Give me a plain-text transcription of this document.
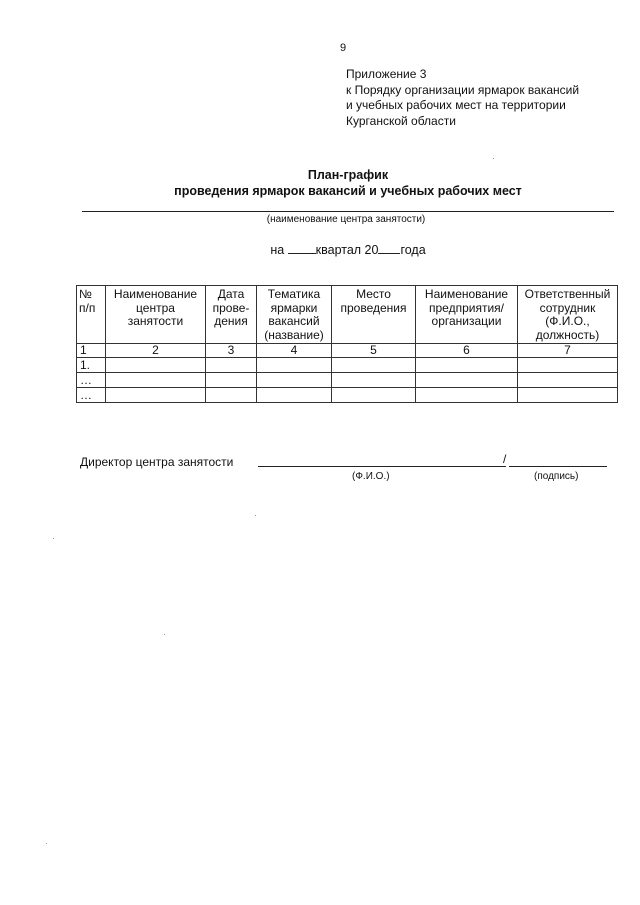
9
Приложение 3
к Порядку организации ярмарок вакансий
и учебных рабочих мест на территории
Курганской области
План-график
проведения ярмарок вакансий и учебных рабочих мест
(наименование центра занятости)
на	квартал 20 года
№ п/п	Наименование центра занятости	Дата прове-дения	Тематика ярмарки вакансий (название)	Место проведения	Наименование предприятия/ организации	Ответственный сотрудник (Ф.И.О., должность)
1	2	3	4	5	6	7
1.						
…						
…						
Директор центра занятости	/
(Ф.И.О.)	(подпись)
